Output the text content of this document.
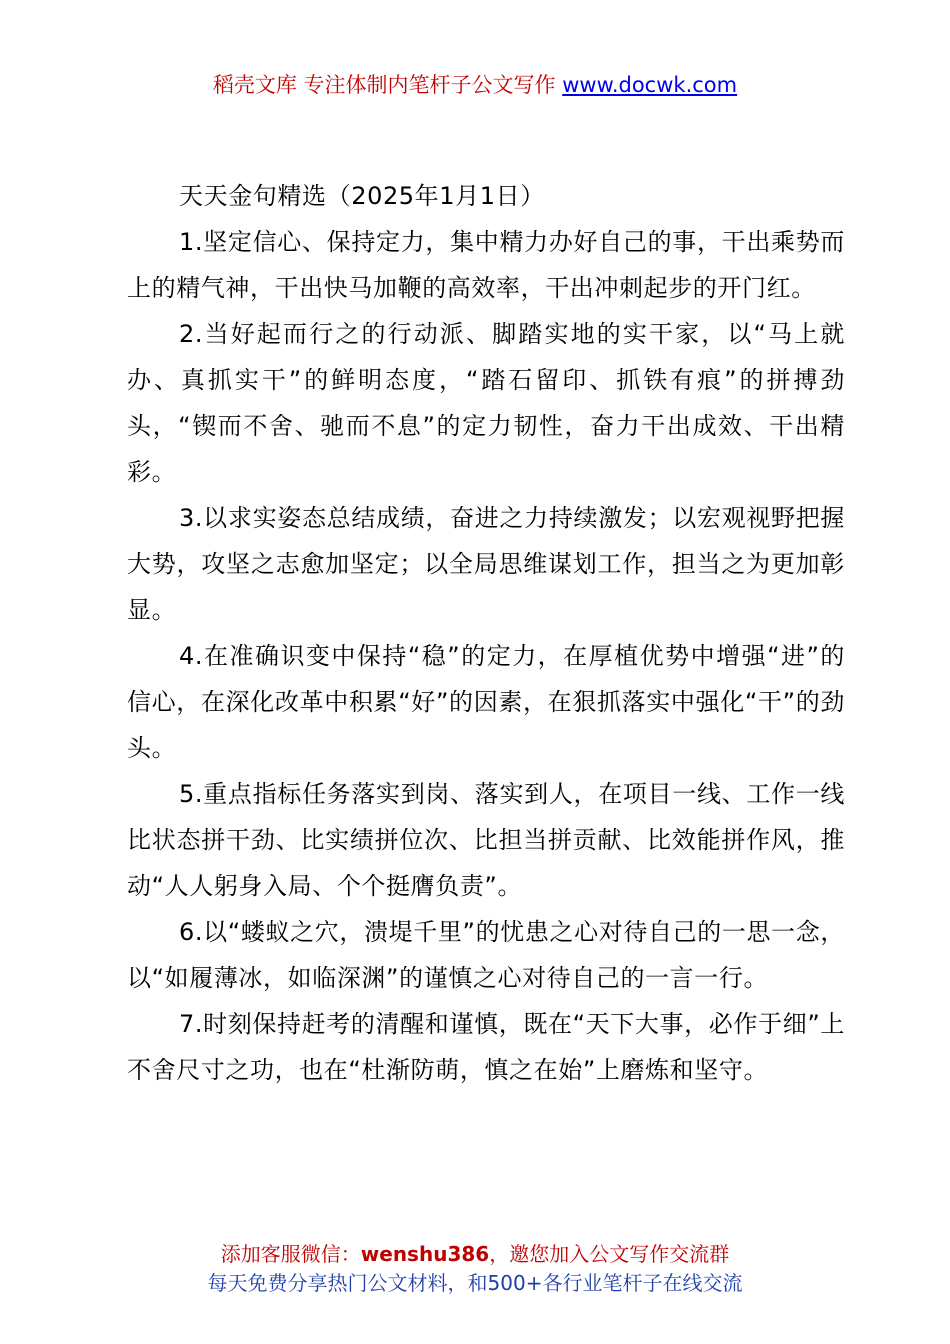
稻壳文库 专注体制内笔杆子公文写作 www.docwk.com

天天金句精选（2025年1月1日）

1.坚定信心、保持定力，集中精力办好自己的事，干出乘势而上的精气神，干出快马加鞭的高效率，干出冲刺起步的开门红。

2.当好起而行之的行动派、脚踏实地的实干家，以“马上就办、真抓实干”的鲜明态度，“踏石留印、抓铁有痕”的拼搏劲头，“锲而不舍、驰而不息”的定力韧性，奋力干出成效、干出精彩。

3.以求实姿态总结成绩，奋进之力持续激发；以宏观视野把握大势，攻坚之志愈加坚定；以全局思维谋划工作，担当之为更加彰显。

4.在准确识变中保持“稳”的定力，在厚植优势中增强“进”的信心，在深化改革中积累“好”的因素，在狠抓落实中强化“干”的劲头。

5.重点指标任务落实到岗、落实到人，在项目一线、工作一线比状态拼干劲、比实绩拼位次、比担当拼贡献、比效能拼作风，推动“人人躬身入局、个个挺膺负责”。

6.以“蝼蚁之穴，溃堤千里”的忧患之心对待自己的一思一念，以“如履薄冰，如临深渊”的谨慎之心对待自己的一言一行。

7.时刻保持赶考的清醒和谨慎，既在“天下大事，必作于细”上不舍尺寸之功，也在“杜渐防萌，慎之在始”上磨炼和坚守。

添加客服微信：wenshu386，邀您加入公文写作交流群
每天免费分享热门公文材料，和500+各行业笔杆子在线交流
